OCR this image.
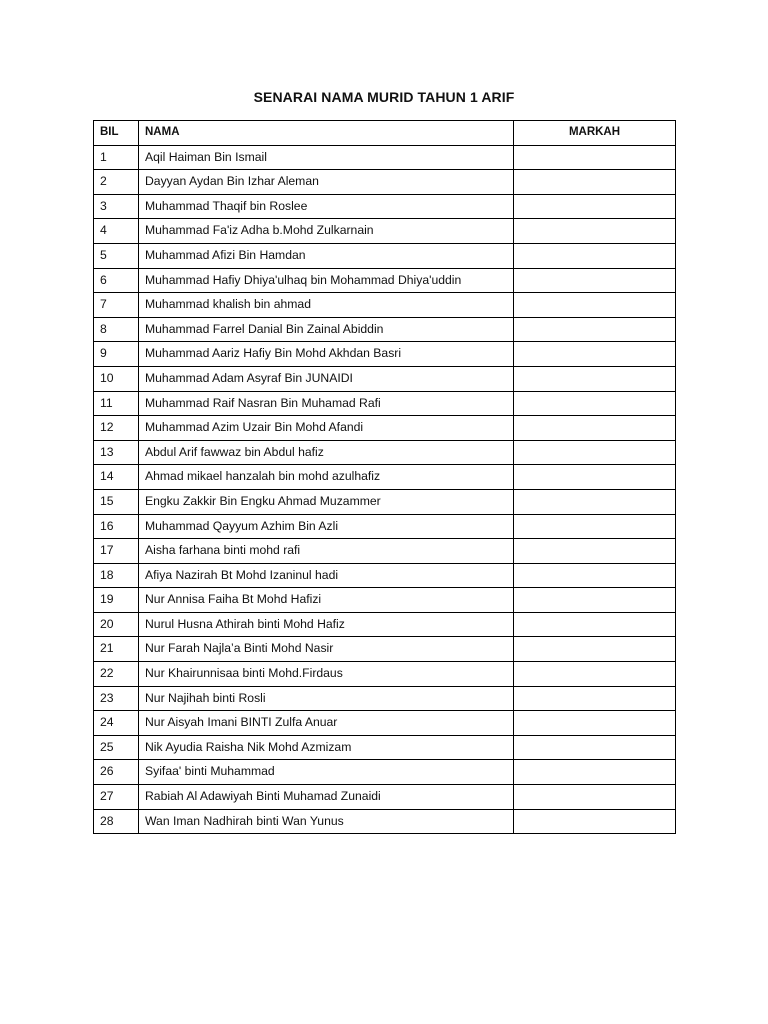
SENARAI NAMA MURID TAHUN 1 ARIF
BIL	NAMA	MARKAH
1	Aqil Haiman Bin Ismail	
2	Dayyan Aydan Bin Izhar Aleman	
3	Muhammad Thaqif bin Roslee	
4	Muhammad Fa'iz Adha b.Mohd Zulkarnain	
5	Muhammad Afizi Bin Hamdan	
6	Muhammad Hafiy Dhiya'ulhaq bin Mohammad Dhiya'uddin	
7	Muhammad khalish bin ahmad	
8	Muhammad Farrel Danial Bin Zainal Abiddin	
9	Muhammad Aariz Hafiy Bin Mohd Akhdan Basri	
10	Muhammad Adam Asyraf Bin JUNAIDI	
11	Muhammad Raif Nasran Bin Muhamad Rafi	
12	Muhammad Azim Uzair Bin Mohd Afandi	
13	Abdul Arif fawwaz bin Abdul hafiz	
14	Ahmad mikael hanzalah bin mohd azulhafiz	
15	Engku Zakkir Bin Engku Ahmad Muzammer	
16	Muhammad Qayyum Azhim Bin Azli	
17	Aisha farhana binti mohd rafi	
18	Afiya Nazirah Bt Mohd Izaninul hadi	
19	Nur Annisa Faiha Bt Mohd Hafizi	
20	Nurul Husna Athirah binti Mohd Hafiz	
21	Nur Farah Najla’a Binti Mohd Nasir	
22	Nur Khairunnisaa binti Mohd.Firdaus	
23	Nur Najihah binti Rosli	
24	Nur Aisyah Imani BINTI Zulfa Anuar	
25	Nik Ayudia Raisha Nik Mohd Azmizam	
26	Syifaa' binti Muhammad	
27	Rabiah Al Adawiyah Binti Muhamad Zunaidi	
28	Wan Iman Nadhirah binti Wan Yunus	
